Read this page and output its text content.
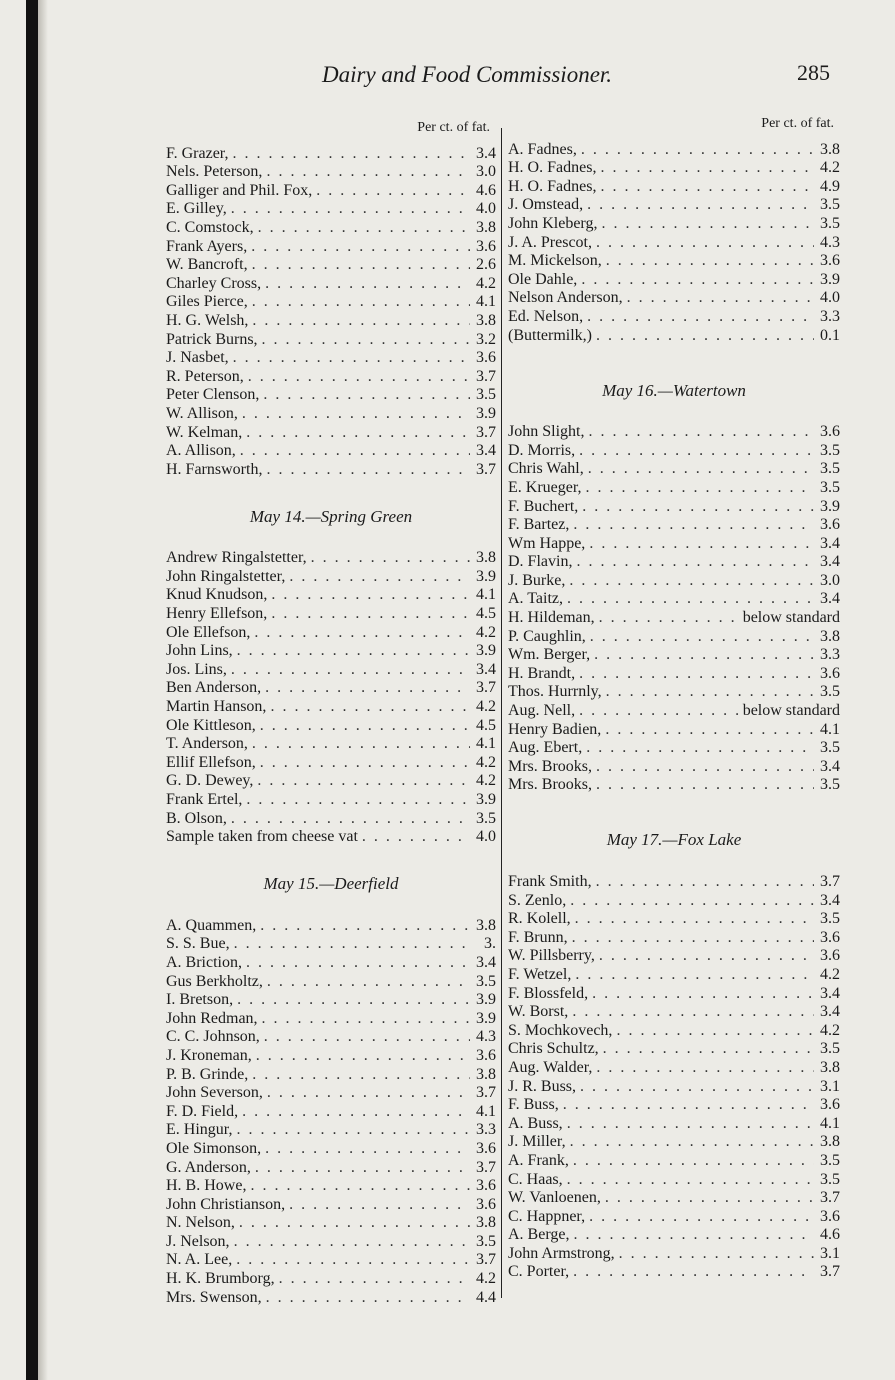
Dairy and Food Commissioner.	285
Per ct. of fat.
F. Grazer, . . .	3.4
Nels. Peterson, . . .	3.0
Galliger and Phil. Fox, . . .	4.6
E. Gilley, . . .	4.0
C. Comstock, . . .	3.8
Frank Ayers, . . .	3.6
W. Bancroft, . . .	2.6
Charley Cross, . . .	4.2
Giles Pierce, . . .	4.1
H. G. Welsh, . . .	3.8
Patrick Burns, . . .	3.2
J. Nasbet, . . .	3.6
R. Peterson, . . .	3.7
Peter Clenson, . . .	3.5
W. Allison, . . .	3.9
W. Kelman, . . .	3.7
A. Allison, . . .	3.4
H. Farnsworth, . . .	3.7
May 14.—Spring Green
Andrew Ringalstetter, . . .	3.8
John Ringalstetter, . . .	3.9
Knud Knudson, . . .	4.1
Henry Ellefson, . . .	4.5
Ole Ellefson, . . .	4.2
John Lins, . . .	3.9
Jos. Lins, . . .	3.4
Ben Anderson, . . .	3.7
Martin Hanson, . . .	4.2
Ole Kittleson, . . .	4.5
T. Anderson, . . .	4.1
Ellif Ellefson, . . .	4.2
G. D. Dewey, . . .	4.2
Frank Ertel, . . .	3.9
B. Olson, . . .	3.5
Sample taken from cheese vat . . .	4.0
May 15.—Deerfield
A. Quammen, . . .	3.8
S. S. Bue, . . .	3.
A. Briction, . . .	3.4
Gus Berkholtz, . . .	3.5
I. Bretson, . . .	3.9
John Redman, . . .	3.9
C. C. Johnson, . . .	4.3
J. Kroneman, . . .	3.6
P. B. Grinde, . . .	3.8
John Severson, . . .	3.7
F. D. Field, . . .	4.1
E. Hingur, . . .	3.3
Ole Simonson, . . .	3.6
G. Anderson, . . .	3.7
H. B. Howe, . . .	3.6
John Christianson, . . .	3.6
N. Nelson, . . .	3.8
J. Nelson, . . .	3.5
N. A. Lee, . . .	3.7
H. K. Brumborg, . . .	4.2
Mrs. Swenson, . . .	4.4
Per ct. of fat.
A. Fadnes, . . .	3.8
H. O. Fadnes, . . .	4.2
H. O. Fadnes, . . .	4.9
J. Omstead, . . .	3.5
John Kleberg, . . .	3.5
J. A. Prescot, . . .	4.3
M. Mickelson, . . .	3.6
Ole Dahle, . . .	3.9
Nelson Anderson, . . .	4.0
Ed. Nelson, . . .	3.3
(Buttermilk,) . . .	0.1
May 16.—Watertown
John Slight, . . .	3.6
D. Morris, . . .	3.5
Chris Wahl, . . .	3.5
E. Krueger, . . .	3.5
F. Buchert, . . .	3.9
F. Bartez, . . .	3.6
Wm Happe, . . .	3.4
D. Flavin, . . .	3.4
J. Burke, . . .	3.0
A. Taitz, . . .	3.4
H. Hildeman, . . .	below standard
P. Caughlin, . . .	3.8
Wm. Berger, . . .	3.3
H. Brandt, . . .	3.6
Thos. Hurrnly, . . .	3.5
Aug. Nell, . . .	below standard
Henry Badien, . . .	4.1
Aug. Ebert, . . .	3.5
Mrs. Brooks, . . .	3.4
Mrs. Brooks, . . .	3.5
May 17.—Fox Lake
Frank Smith, . . .	3.7
S. Zenlo, . . .	3.4
R. Kolell, . . .	3.5
F. Brunn, . . .	3.6
W. Pillsberry, . . .	3.6
F. Wetzel, . . .	4.2
F. Blossfeld, . . .	3.4
W. Borst, . . .	3.4
S. Mochkovech, . . .	4.2
Chris Schultz, . . .	3.5
Aug. Walder, . . .	3.8
J. R. Buss, . . .	3.1
F. Buss, . . .	3.6
A. Buss, . . .	4.1
J. Miller, . . .	3.8
A. Frank, . . .	3.5
C. Haas, . . .	3.5
W. Vanloenen, . . .	3.7
C. Happner, . . .	3.6
A. Berge, . . .	4.6
John Armstrong, . . .	3.1
C. Porter, . . .	3.7
